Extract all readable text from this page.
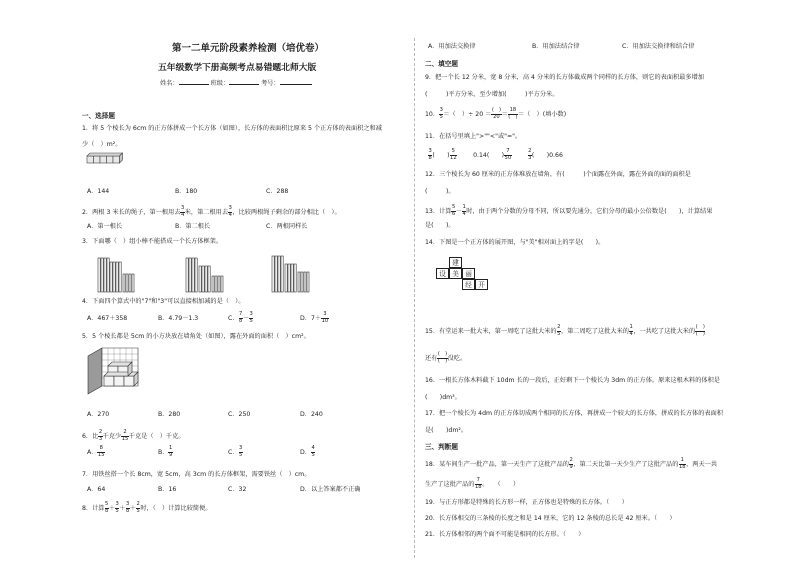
第一二单元阶段素养检测（培优卷）
五年级数学下册高频考点易错题北师大版
姓名：	班级：	考号：
一、选择题
1．将 5 个棱长为 6cm 的正方体拼成一个长方体（如图），长方体的表面积比原来 5 个正方体的表面积之和减
少（　）m²。
A．144	B．180	C．288
2．两根 3 米长的绳子，第一根用去 $\frac{3}{4}$ 米，第二根用去 $\frac{3}{4}$ ，比较两根绳子剩余的部分相比（　）。
A．第一根长	B．第二根长	C．两根同样长
3．下面哪（　）组小棒不能搭成一个长方体框架。
4．下面四个算式中的"7"和"3"可以直接相加减的是（　）。
A．467＋358	B．4.79－1.3	C． $\frac{7}{8} - \frac{3}{5}$	D．$7+ \frac{3}{10}$
5．5 个棱长都是 5cm 的小方块放在墙角处（如图），露在外面的面积（　）cm²。
A．270	B．280	C．250	D．240
6．比 $\frac{2}{3}$ 千克少 $\frac{2}{15}$ 千克是（　）千克。
A． $\frac{8}{15}$	B． $\frac{1}{9}$	C． $\frac{3}{5}$	D． $\frac{4}{5}$
7．用铁丝搭一个长 8cm，宽 5cm，高 3cm 的长方体框架，需要铁丝（　）cm。
A．64	B．16	C．32	D．以上答案都不正确
8．计算 $\frac{5}{8} + \frac{3}{5} + \frac{3}{8} + \frac{2}{5}$ 时，（　）计算比较简便。
A．用加法交换律	B．用加法结合律	C．用加法交换律和结合律
二、填空题
9．把一个长 12 分米，宽 8 分米，高 4 分米的长方体截成两个同样的长方体，则它的表面积最多增加
(　　　)平方分米，至少增加(　　　)平方分米。
10． $\frac{3}{5}$ ＝（　）÷ $20 = \frac{( )}{20} = \frac{18}{( )}$ ＝（　）(填小数)
11．在括号里填上">""<"或"="。
$\frac{3}{8}$ (　　) $\frac{5}{12}$	0.14(　　) $\frac{7}{50}$
	$\frac{2}{3}$ (　　)0.66
12．三个棱长为 60 厘米的正方体堆放在墙角，有(　　　)个面露在外面，露在外面的面的面积是
(　　　)。
13．计算 $\frac{5}{6} - \frac{1}{4}$ 时，由于两个分数的分母不同，所以要先通分，它们分母的最小公倍数是(　　)，计算结果
是(　　)。
14．下图是一个正方体的展开图，与"美"相对面上的字是(　　)。
建
设 美 丽
经 开
15．有堂运来一批大米，第一周吃了这批大米的 $\frac{2}{5}$ ，第二周吃了这批大米的 $\frac{1}{4}$ ，一共吃了这批大米的 $\frac{( )}{( )}$
还有 $\frac{( )}{( )}$ 没吃。
16．一根长方体木料截下 10dm 长的一段后，正好剩下一个棱长为 3dm 的正方体。原来这根木料的体积是
(　　)dm³。
17．把一个棱长为 4dm 的正方体切成两个相同的长方体，再拼成一个较大的长方体，拼成的长方体的表面积
是(　　)dm²。
三、判断题
18．某车间生产一批产品，第一天生产了这批产品的 $\frac{2}{9}$ ，第二天比第一天少生产了这批产品的 $\frac{1}{18}$ ，两天一共
生产了这批产品的 $\frac{7}{18}$ 。　　（　　）
19．与正方形都是特殊的长方形一样，正方体也是特殊的长方体。（　　）
20．长方体相交的三条棱的长度之和是 14 厘米，它的 12 条棱的总长是 42 厘米。（　　）
21．长方体相邻的两个面不可能是相同的长方形。（　　）
